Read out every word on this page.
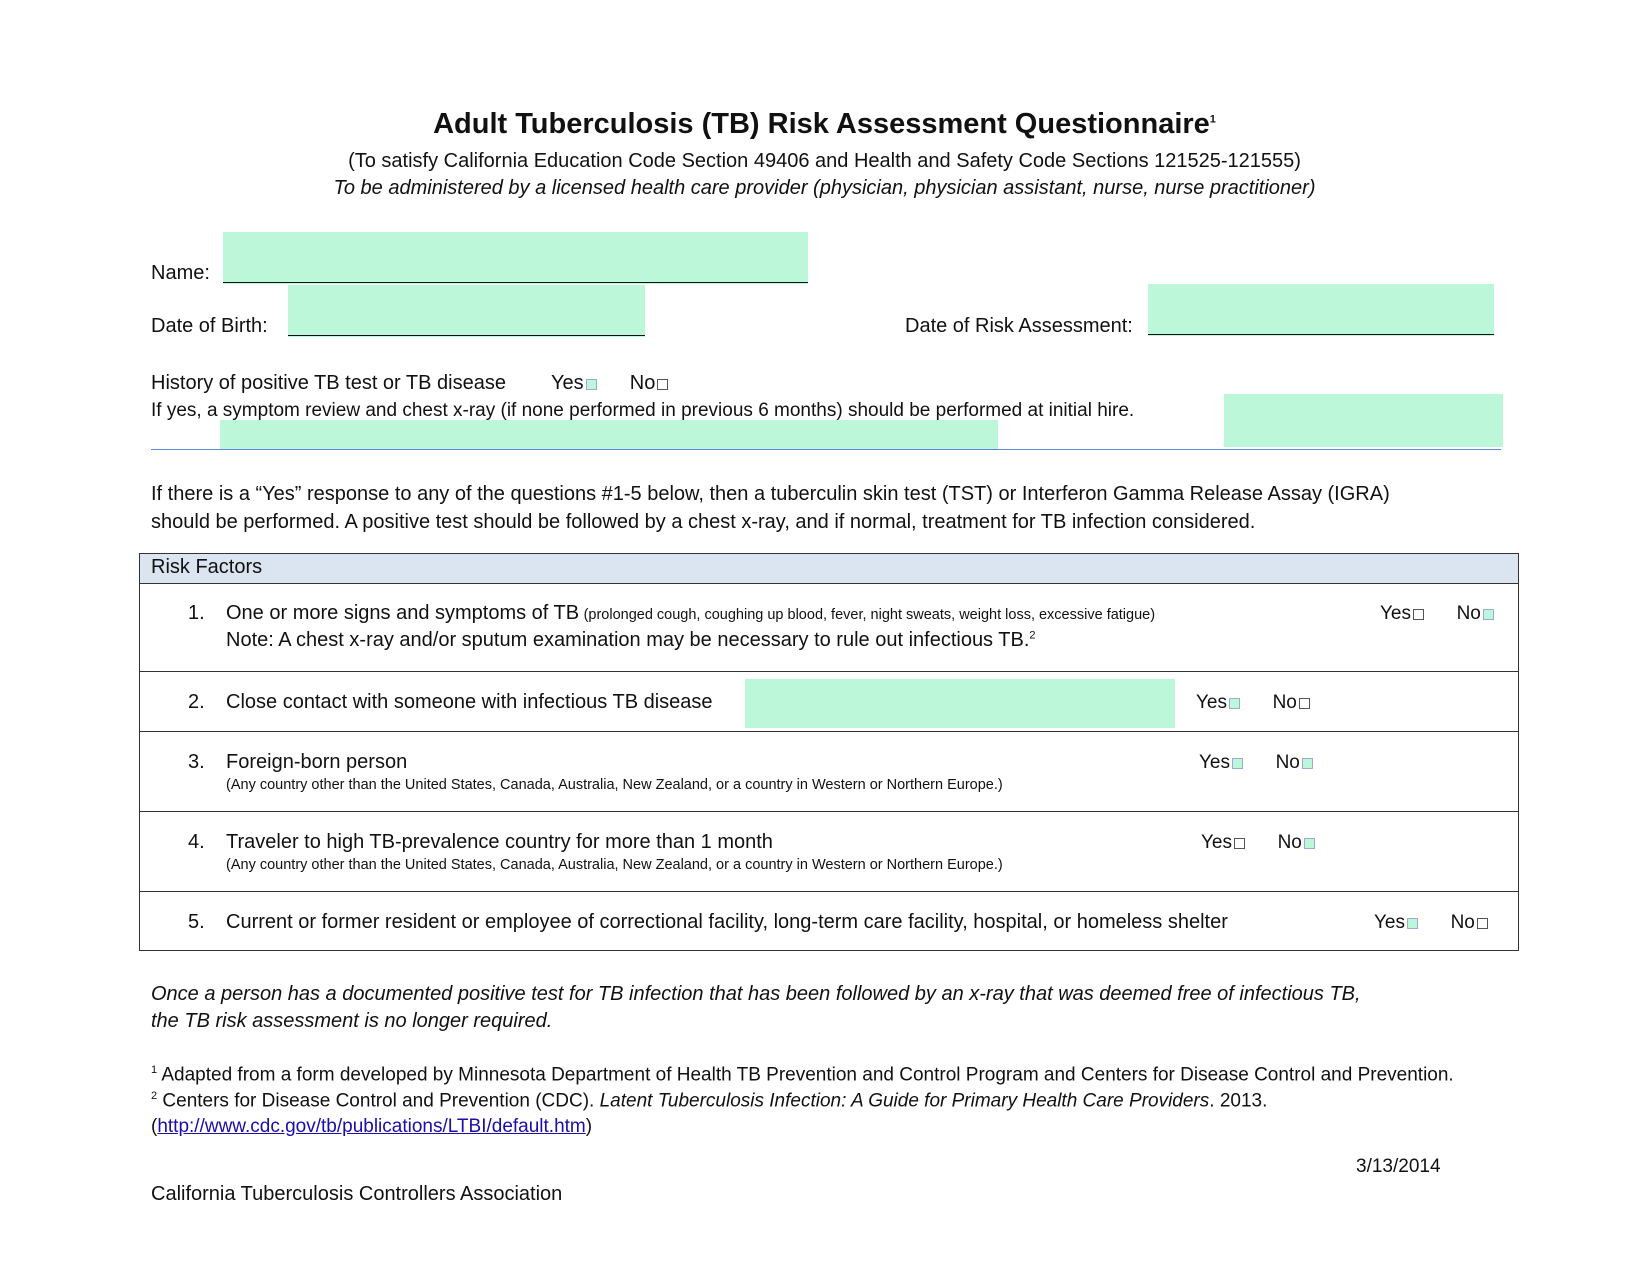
Adult Tuberculosis (TB) Risk Assessment Questionnaire$^1$
(To satisfy California Education Code Section 49406 and Health and Safety Code Sections 121525-121555)
To be administered by a licensed health care provider (physician, physician assistant, nurse, nurse practitioner)
Name:
Date of Birth:	Date of Risk Assessment:
History of positive TB test or TB disease Yes No
If yes, a symptom review and chest x-ray (if none performed in previous 6 months) should be performed at initial hire.
If there is a “Yes” response to any of the questions #1-5 below, then a tuberculin skin test (TST) or Interferon Gamma Release Assay (IGRA)
should be performed. A positive test should be followed by a chest x-ray, and if normal, treatment for TB infection considered.
Risk Factors
1. One or more signs and symptoms of TB (prolonged cough, coughing up blood, fever, night sweats, weight loss, excessive fatigue)
Note: A chest x-ray and/or sputum examination may be necessary to rule out infectious TB.$^2$
Yes No
2. Close contact with someone with infectious TB disease	Yes No
3. Foreign-born person
(Any country other than the United States, Canada, Australia, New Zealand, or a country in Western or Northern Europe.)
Yes No
4. Traveler to high TB-prevalence country for more than 1 month
(Any country other than the United States, Canada, Australia, New Zealand, or a country in Western or Northern Europe.)
Yes No
5. Current or former resident or employee of correctional facility, long-term care facility, hospital, or homeless shelter	Yes No
Once a person has a documented positive test for TB infection that has been followed by an x-ray that was deemed free of infectious TB,
the TB risk assessment is no longer required.
$^1$ Adapted from a form developed by Minnesota Department of Health TB Prevention and Control Program and Centers for Disease Control and Prevention.
$^2$ Centers for Disease Control and Prevention (CDC). Latent Tuberculosis Infection: A Guide for Primary Health Care Providers. 2013.
(http://www.cdc.gov/tb/publications/LTBI/default.htm)
3/13/2014
California Tuberculosis Controllers Association
